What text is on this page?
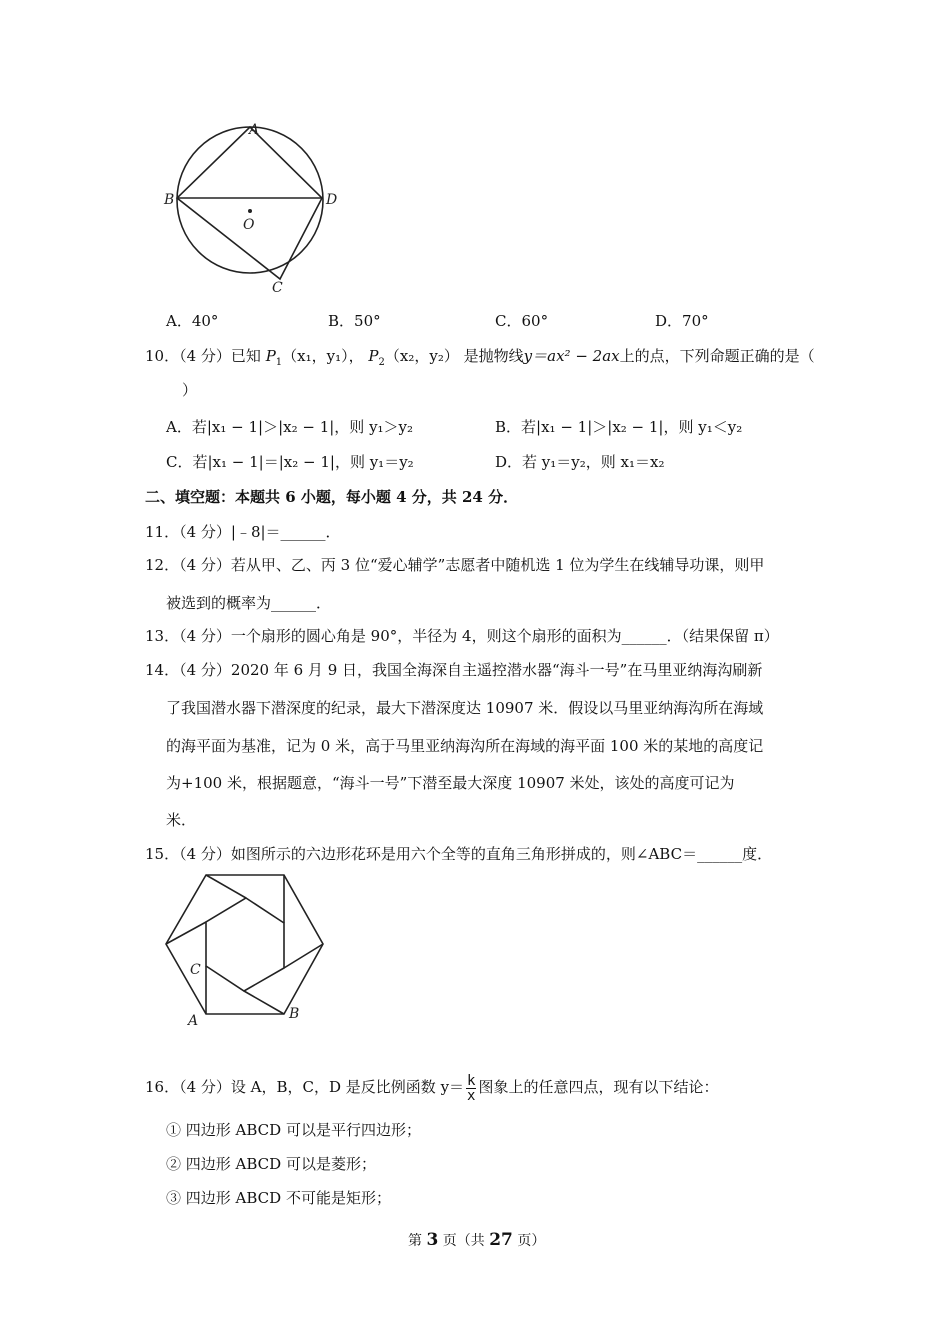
A
B	D
C
O
A．40°	B．50°	C．60°	D．70°
10．（4 分）已知 $P_1(x_1$，y₁）， $P_2(x_2$，y₂） 是抛物线y＝ax² − 2ax上的点，下列命题正确的是（
）
A．若|x₁ − 1|＞|x₂ − 1|，则 y₁＞y₂	B．若|x₁ − 1|＞|x₂ − 1|，则 y₁＜y₂
C．若|x₁ − 1|＝|x₂ − 1|，则 y₁＝y₂	D．若 y₁＝y₂，则 x₁＝x₂
二、填空题：本题共 6 小题，每小题 4 分，共 24 分．
11．（4 分）|﹣8|＝______．
12．（4 分）若从甲、乙、丙 3 位“爱心辅学”志愿者中随机选 1 位为学生在线辅导功课，则甲
被选到的概率为______．
13．（4 分）一个扇形的圆心角是 90°，半径为 4，则这个扇形的面积为______．（结果保留 π）
14．（4 分）2020 年 6 月 9 日，我国全海深自主遥控潜水器“海斗一号”在马里亚纳海沟刷新
了我国潜水器下潜深度的纪录，最大下潜深度达 10907 米．假设以马里亚纳海沟所在海域
的海平面为基准，记为 0 米，高于马里亚纳海沟所在海域的海平面 100 米的某地的高度记
为+100 米，根据题意，“海斗一号”下潜至最大深度 10907 米处，该处的高度可记为
米．
15．（4 分）如图所示的六边形花环是用六个全等的直角三角形拼成的，则∠ABC＝______度．
C
A	B
16．（4 分）设 A，B，C，D 是反比例函数 $y= \frac{k}{x}$ 图象上的任意四点，现有以下结论：
① 四边形 ABCD 可以是平行四边形；
② 四边形 ABCD 可以是菱形；
③ 四边形 ABCD 不可能是矩形；
第 3 页（共 27 页）
